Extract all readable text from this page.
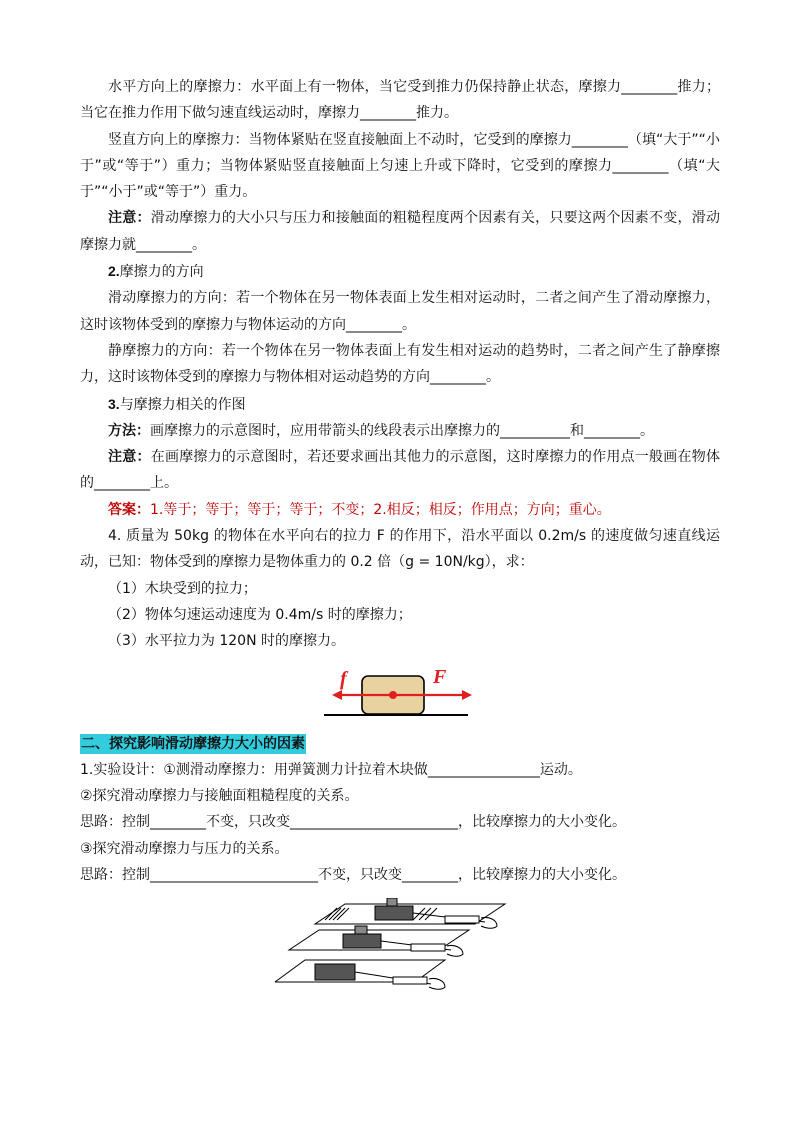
水平方向上的摩擦力：水平面上有一物体，当它受到推力仍保持静止状态，摩擦力________推力；当它在推力作用下做匀速直线运动时，摩擦力________推力。

竖直方向上的摩擦力：当物体紧贴在竖直接触面上不动时，它受到的摩擦力________（填“大于”“小于”或“等于”）重力；当物体紧贴竖直接触面上匀速上升或下降时，它受到的摩擦力________（填“大于”“小于”或“等于”）重力。

注意：滑动摩擦力的大小只与压力和接触面的粗糙程度两个因素有关，只要这两个因素不变，滑动摩擦力就________。

2.摩擦力的方向

滑动摩擦力的方向：若一个物体在另一物体表面上发生相对运动时，二者之间产生了滑动摩擦力，这时该物体受到的摩擦力与物体运动的方向________。

静摩擦力的方向：若一个物体在另一物体表面上有发生相对运动的趋势时，二者之间产生了静摩擦力，这时该物体受到的摩擦力与物体相对运动趋势的方向________。

3.与摩擦力相关的作图

方法：画摩擦力的示意图时，应用带箭头的线段表示出摩擦力的__________和________。

注意：在画摩擦力的示意图时，若还要求画出其他力的示意图，这时摩擦力的作用点一般画在物体的________上。

答案：1.等于；等于；等于；等于；不变；2.相反；相反；作用点；方向；重心。

4. 质量为 50kg 的物体在水平向右的拉力 F 的作用下，沿水平面以 0.2m/s 的速度做匀速直线运动，已知：物体受到的摩擦力是物体重力的 0.2 倍（g = 10N/kg），求：

（1）木块受到的拉力；

（2）物体匀速运动速度为 0.4m/s 时的摩擦力；

（3）水平拉力为 120N 时的摩擦力。

f	F

二、探究影响滑动摩擦力大小的因素

1.实验设计：①测滑动摩擦力：用弹簧测力计拉着木块做________________运动。

②探究滑动摩擦力与接触面粗糙程度的关系。

思路：控制________不变，只改变________________________，比较摩擦力的大小变化。

③探究滑动摩擦力与压力的关系。

思路：控制________________________不变，只改变________，比较摩擦力的大小变化。
